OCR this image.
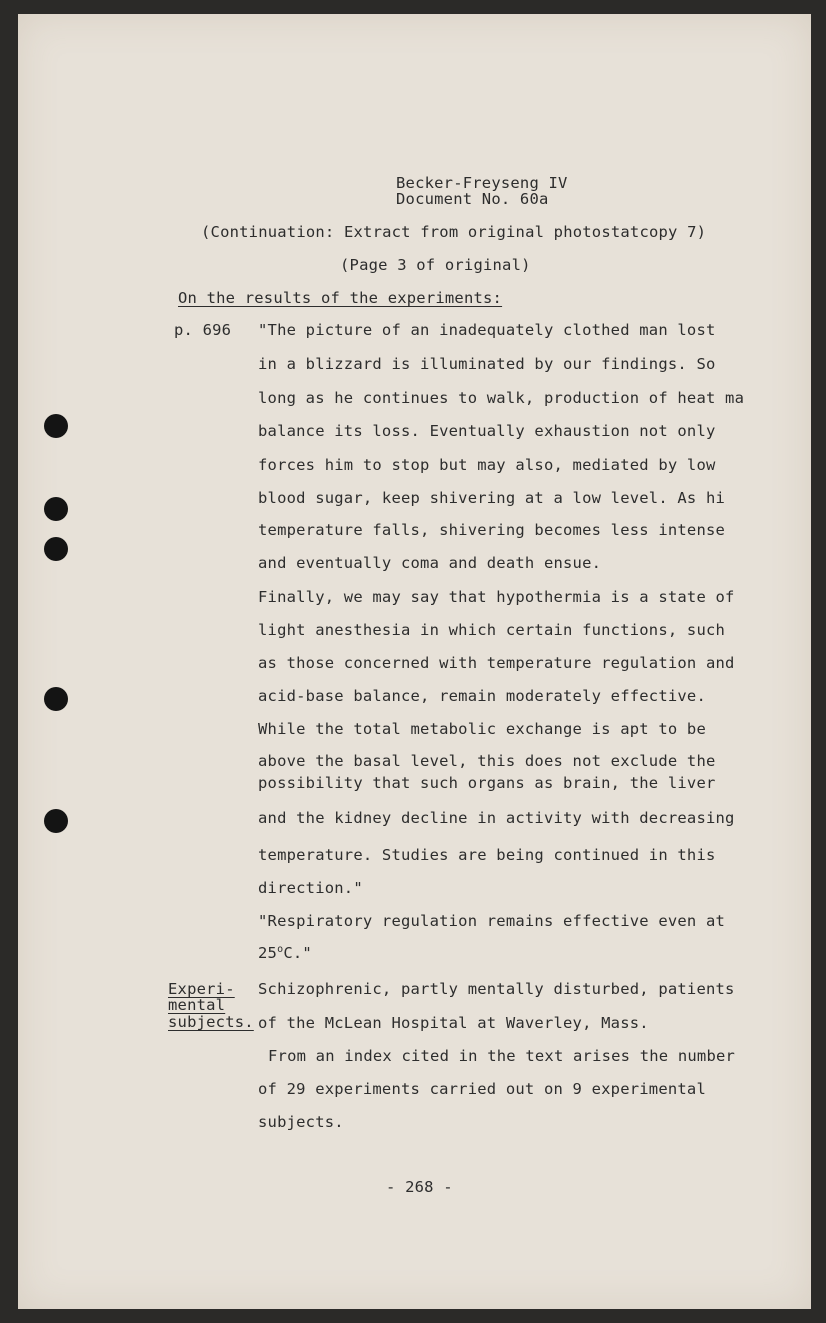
Becker-Freyseng IV

Document No. 60a

(Continuation: Extract from original photostatcopy 7)

(Page 3 of original)

On the results of the experiments:

p. 696 "The picture of an inadequately clothed man lost

in a blizzard is illuminated by our findings. So

long as he continues to walk, production of heat ma

balance its loss. Eventually exhaustion not only

forces him to stop but may also, mediated by low

blood sugar, keep shivering at a low level. As hi

temperature falls, shivering becomes less intense

and eventually coma and death ensue.

Finally, we may say that hypothermia is a state of

light anesthesia in which certain functions, such

as those concerned with temperature regulation and

acid-base balance, remain moderately effective.

While the total metabolic exchange is apt to be

above the basal level, this does not exclude the

possibility that such organs as brain, the liver

and the kidney decline in activity with decreasing

temperature. Studies are being continued in this

direction."

"Respiratory regulation remains effective even at

25$^o$C."

Experi-

mental

subjects.

Schizophrenic, partly mentally disturbed, patients

of the McLean Hospital at Waverley, Mass.

From an index cited in the text arises the number

of 29 experiments carried out on 9 experimental

subjects.

- 268 -
